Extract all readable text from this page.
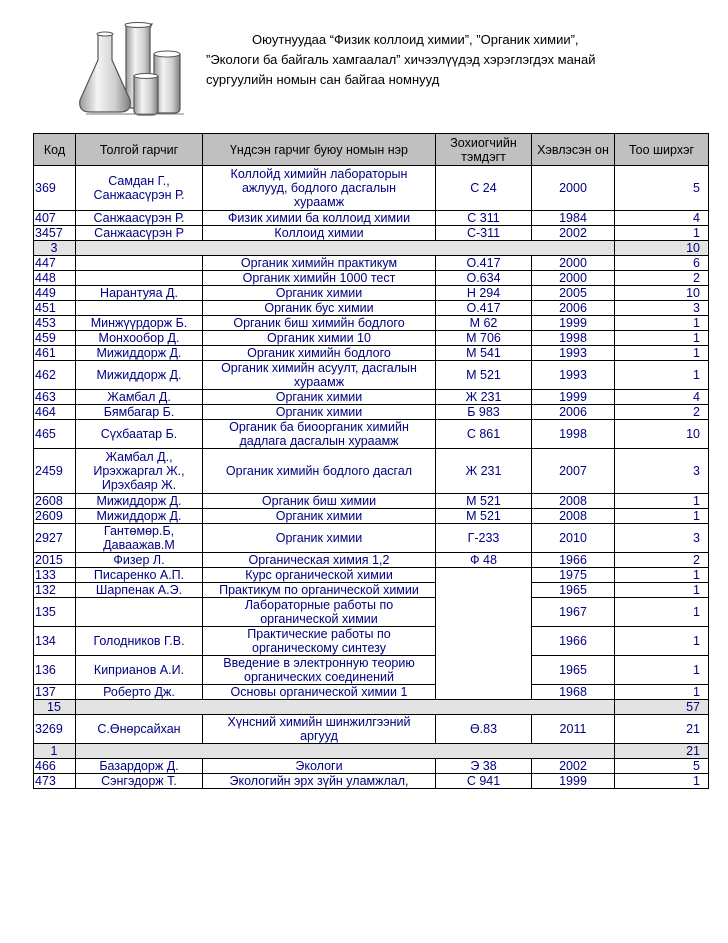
Оюутнуудаа “Физик коллоид химии”, ”Органик химии”,
”Экологи ба байгаль хамгаалал” хичээлүүдэд хэрэглэгдэх манай
сургуулийн номын сан байгаа номнууд
Код	Толгой гарчиг	Үндсэн гарчиг буюу номын нэр	Зохиогчийн тэмдэгт	Хэвлэсэн он	Тоо ширхэг
369	Самдан Г.,
Санжаасүрэн Р.	Коллойд химийн лабораторын
ажлууд, бодлого дасгалын
хураамж	С 24	2000	5
407	Санжаасүрэн Р.	Физик химии ба коллоид химии	С 311	1984	4
3457	Санжаасүрэн Р	Коллоид химии	С-311	2002	1
3					10
447		Органик химийн практикум	О.417	2000	6
448		Органик химийн 1000 тест	О.634	2000	2
449	Нарантуяа Д.	Органик химии	Н 294	2005	10
451		Органик бус химии	О.417	2006	3
453	Минжүүрдорж Б.	Органик биш химийн бодлого	М 62	1999	1
459	Монхообор Д.	Органик химии 10	М 706	1998	1
461	Мижиддорж Д.	Органик химийн бодлого	М 541	1993	1
462	Мижиддорж Д.	Органик химийн асуулт, дасгалын
хураамж	М 521	1993	1
463	Жамбал Д.	Органик химии	Ж 231	1999	4
464	Бямбагар Б.	Органик химии	Б 983	2006	2
465	Сүхбаатар Б.	Органик ба биоорганик химийн
дадлага дасгалын хураамж	С 861	1998	10
2459	Жамбал Д.,
Ирэхжаргал Ж.,
Ирэхбаяр Ж.	Органик химийн бодлого дасгал	Ж 231	2007	3
2608	Мижиддорж Д.	Органик биш химии	М 521	2008	1
2609	Мижиддорж Д.	Органик химии	М 521	2008	1
2927	Гантөмөр.Б,
Даваажав.М	Органик химии	Г-233	2010	3
2015	Физер Л.	Органическая химия 1,2	Ф 48	1966	2
133	Писаренко А.П.	Курс органической химии		1975	1
132	Шарпенак А.Э.	Практикум по органической химии		1965	1
135		Лабораторные работы по
органической химии		1967	1
134	Голодников Г.В.	Практические работы по
органическому синтезу		1966	1
136	Киприанов А.И.	Введение в электронную теорию
органических соединений		1965	1
137	Роберто Дж.	Основы органической химии 1		1968	1
15					57
3269	С.Өнөрсайхан	Хүнсний химийн шинжилгээний
аргууд	Ө.83	2011	21
1					21
466	Базардорж Д.	Экологи	Э 38	2002	5
473	Сэнгэдорж Т.	Экологийн эрх зүйн уламжлал,	С 941	1999	1
